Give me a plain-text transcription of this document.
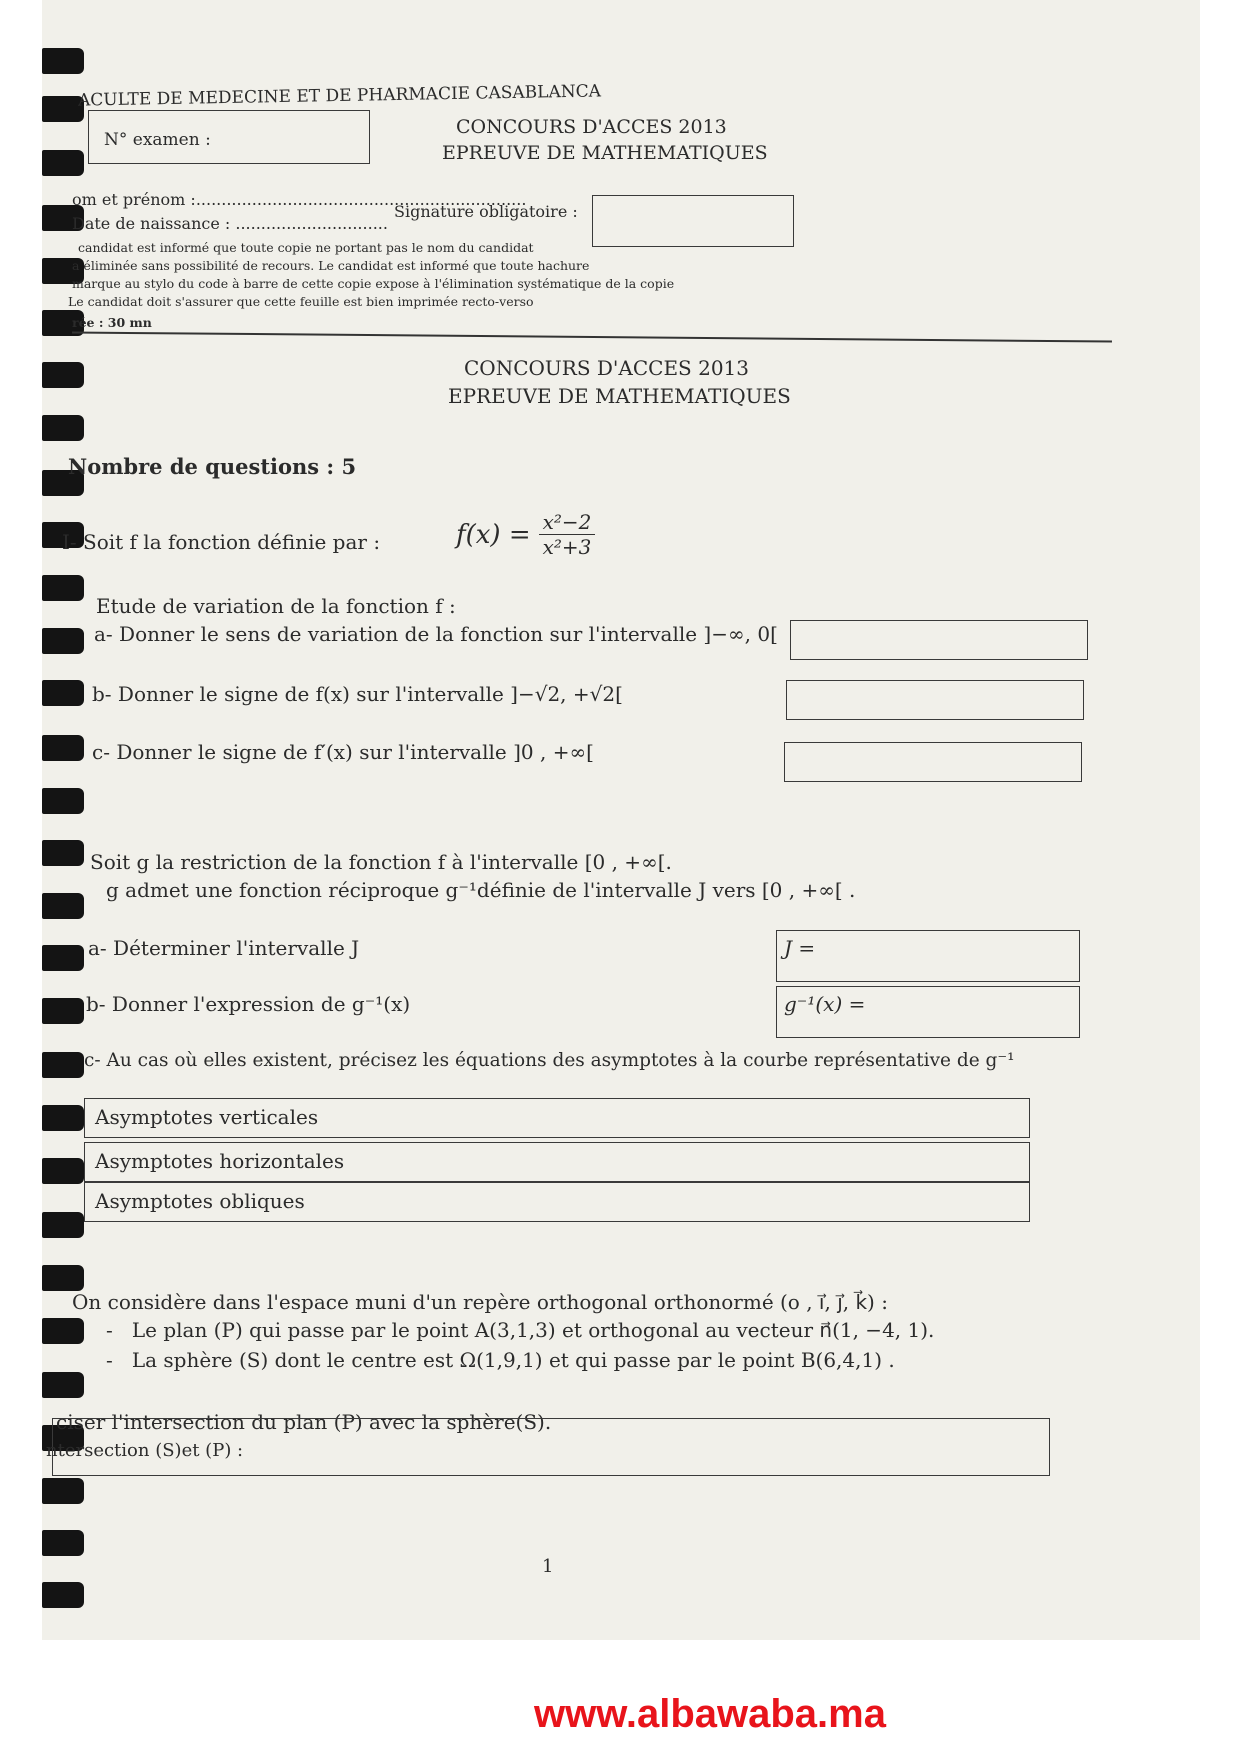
ACULTE DE MEDECINE ET DE PHARMACIE CASABLANCA
N° examen :
CONCOURS D'ACCES 2013
EPREUVE DE MATHEMATIQUES
om et prénom :.................................................................
Date de naissance : ..............................
Signature obligatoire :
candidat est informé que toute copie ne portant pas le nom du candidat
a éliminée sans possibilité de recours. Le candidat est informé que toute hachure
marque au stylo du code à barre de cette copie expose à l'élimination systématique de la copie
Le candidat doit s'assurer que cette feuille est bien imprimée recto-verso
rée : 30 mn
CONCOURS D'ACCES 2013
EPREUVE DE MATHEMATIQUES
Nombre de questions : 5
I- Soit f la fonction définie par :	$f(x) = \frac{\text{x²−2}}{\text{x²+3}}$
Etude de variation de la fonction f :
a- Donner le sens de variation de la fonction sur l'intervalle ]−∞, 0[
b- Donner le signe de f(x) sur l'intervalle ]−√2, +√2[
c- Donner le signe de f′(x) sur l'intervalle ]0 , +∞[
Soit g la restriction de la fonction f à l'intervalle [0 , +∞[.
g admet une fonction réciproque g⁻¹définie de l'intervalle J vers [0 , +∞[ .
a- Déterminer l'intervalle J	J =
b- Donner l'expression de g⁻¹(x)	g⁻¹(x) =
c- Au cas où elles existent, précisez les équations des asymptotes à la courbe représentative de g⁻¹
Asymptotes verticales
Asymptotes horizontales
Asymptotes obliques
On considère dans l'espace muni d'un repère orthogonal orthonormé (o , i⃗, j⃗, k⃗) :
-   Le plan (P) qui passe par le point A(3,1,3) et orthogonal au vecteur n⃗(1, −4, 1).
-   La sphère (S) dont le centre est Ω(1,9,1) et qui passe par le point B(6,4,1) .
ciser l'intersection du plan (P) avec la sphère(S).
ntersection (S)et (P) :
1
www.albawaba.ma
